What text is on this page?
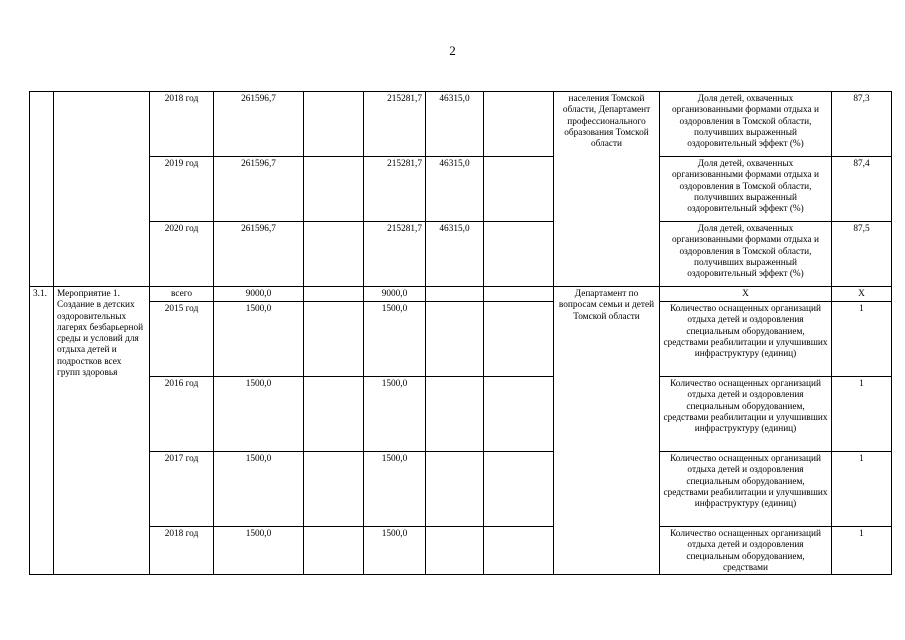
2
		2018 год	261596,7		215281,7	46315,0		населения Томской области, Департамент профессионального образования Томской области	Доля детей, охваченных организованными формами отдыха и оздоровления в Томской области, получивших выраженный оздоровительный эффект (%)	87,3
		2019 год	261596,7		215281,7	46315,0			Доля детей, охваченных организованными формами отдыха и оздоровления в Томской области, получивших выраженный оздоровительный эффект (%)	87,4
		2020 год	261596,7		215281,7	46315,0			Доля детей, охваченных организованными формами отдыха и оздоровления в Томской области, получивших выраженный оздоровительный эффект (%)	87,5
3.1.	Мероприятие 1. Создание в детских оздоровительных лагерях безбарьерной среды и условий для отдыха детей и подростков всех групп здоровья	всего	9000,0		9000,0			Департамент по вопросам семьи и детей Томской области	X	X
		2015 год	1500,0		1500,0				Количество оснащенных организаций отдыха детей и оздоровления специальным оборудованием, средствами реабилитации и улучшивших инфраструктуру (единиц)	1
		2016 год	1500,0		1500,0				Количество оснащенных организаций отдыха детей и оздоровления специальным оборудованием, средствами реабилитации и улучшивших инфраструктуру (единиц)	1
		2017 год	1500,0		1500,0				Количество оснащенных организаций отдыха детей и оздоровления специальным оборудованием, средствами реабилитации и улучшивших инфраструктуру (единиц)	1
		2018 год	1500,0		1500,0				Количество оснащенных организаций отдыха детей и оздоровления специальным оборудованием, средствами	1
